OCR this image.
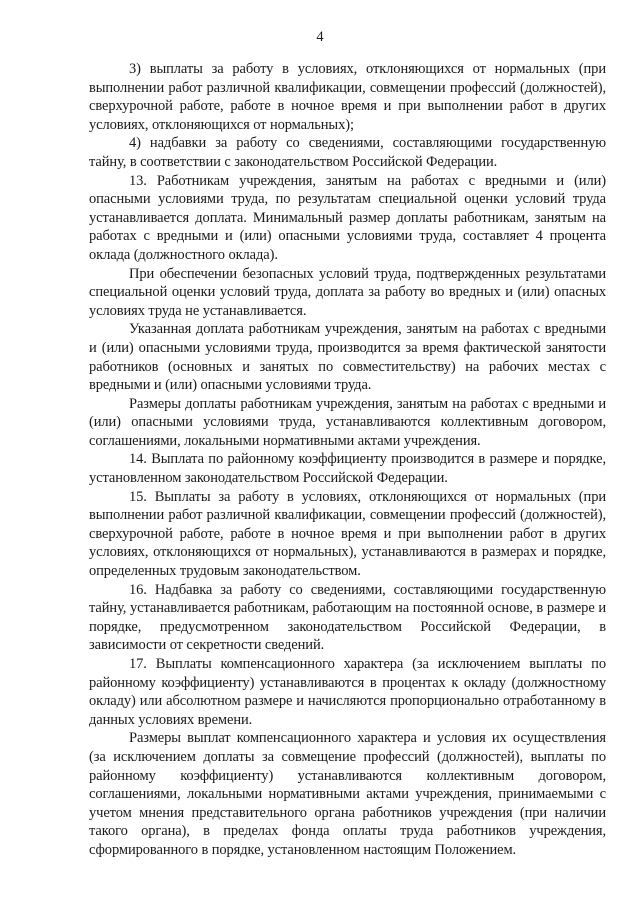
4

3) выплаты за работу в условиях, отклоняющихся от нормальных (при выполнении работ различной квалификации, совмещении профессий (должностей), сверхурочной работе, работе в ночное время и при выполнении работ в других условиях, отклоняющихся от нормальных);

4) надбавки за работу со сведениями, составляющими государственную тайну, в соответствии с законодательством Российской Федерации.

13. Работникам учреждения, занятым на работах с вредными и (или) опасными условиями труда, по результатам специальной оценки условий труда устанавливается доплата. Минимальный размер доплаты работникам, занятым на работах с вредными и (или) опасными условиями труда, составляет 4 процента оклада (должностного оклада).

При обеспечении безопасных условий труда, подтвержденных результатами специальной оценки условий труда, доплата за работу во вредных и (или) опасных условиях труда не устанавливается.

Указанная доплата работникам учреждения, занятым на работах с вредными и (или) опасными условиями труда, производится за время фактической занятости работников (основных и занятых по совместительству) на рабочих местах с вредными и (или) опасными условиями труда.

Размеры доплаты работникам учреждения, занятым на работах с вредными и (или) опасными условиями труда, устанавливаются коллективным договором, соглашениями, локальными нормативными актами учреждения.

14. Выплата по районному коэффициенту производится в размере и порядке, установленном законодательством Российской Федерации.

15. Выплаты за работу в условиях, отклоняющихся от нормальных (при выполнении работ различной квалификации, совмещении профессий (должностей), сверхурочной работе, работе в ночное время и при выполнении работ в других условиях, отклоняющихся от нормальных), устанавливаются в размерах и порядке, определенных трудовым законодательством.

16. Надбавка за работу со сведениями, составляющими государственную тайну, устанавливается работникам, работающим на постоянной основе, в размере и порядке, предусмотренном законодательством Российской Федерации, в зависимости от секретности сведений.

17. Выплаты компенсационного характера (за исключением выплаты по районному коэффициенту) устанавливаются в процентах к окладу (должностному окладу) или абсолютном размере и начисляются пропорционально отработанному в данных условиях времени.

Размеры выплат компенсационного характера и условия их осуществления (за исключением доплаты за совмещение профессий (должностей), выплаты по районному коэффициенту) устанавливаются коллективным договором, соглашениями, локальными нормативными актами учреждения, принимаемыми с учетом мнения представительного органа работников учреждения (при наличии такого органа), в пределах фонда оплаты труда работников учреждения, сформированного в порядке, установленном настоящим Положением.
